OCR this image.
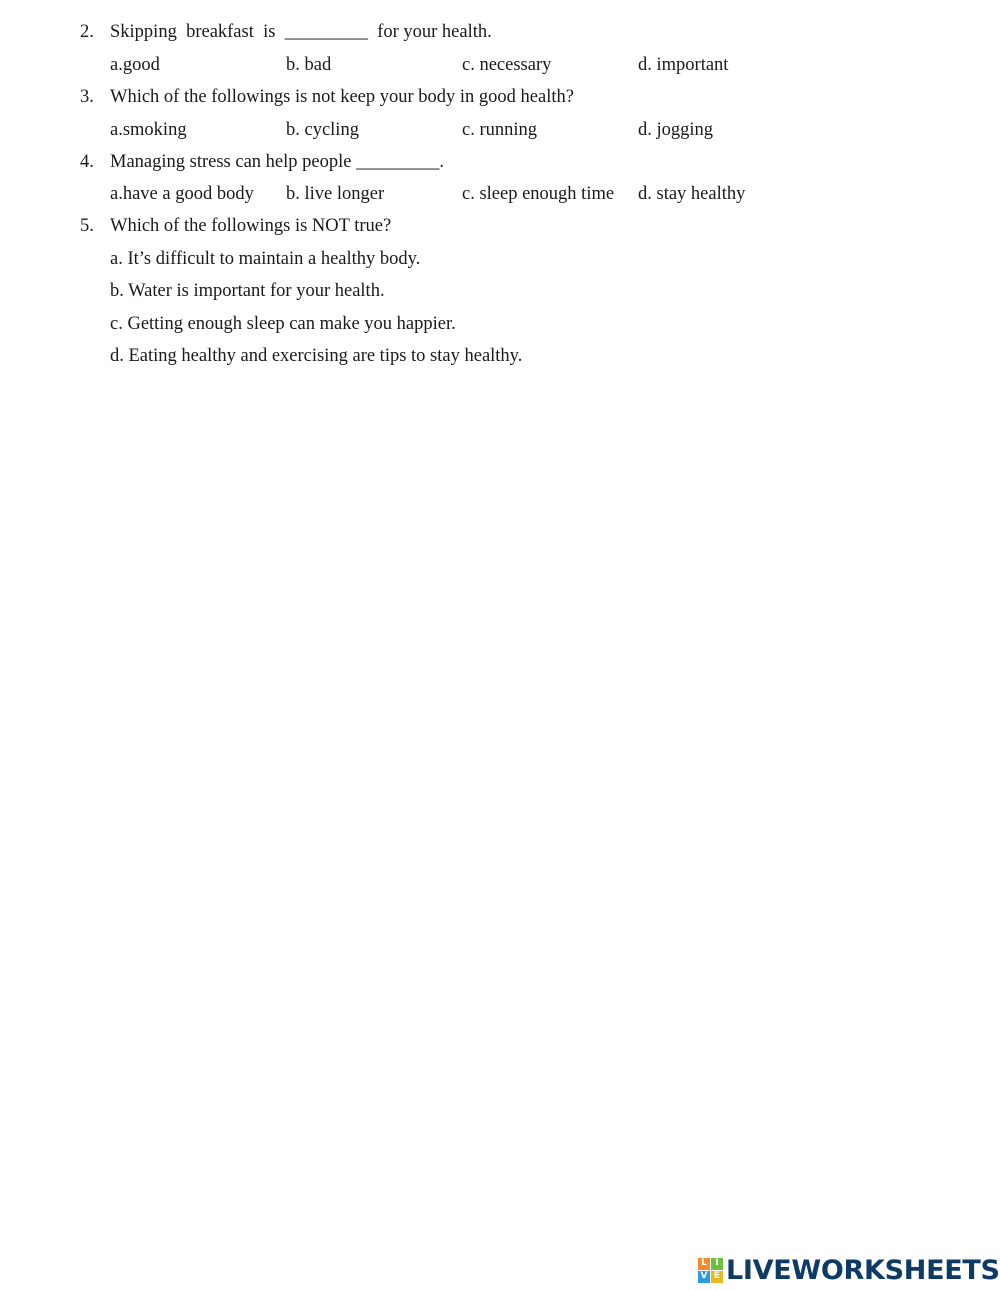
2. Skipping  breakfast  is  _________  for your health.
a.good	b. bad	c. necessary	d. important
3. Which of the followings is not keep your body in good health?
a.smoking	b. cycling	c. running	d. jogging
4. Managing stress can help people _________.
a.have a good body b. live longer	c. sleep enough time d. stay healthy
5. Which of the followings is NOT true?
a. It’s difficult to maintain a healthy body.
b. Water is important for your health.
c. Getting enough sleep can make you happier.
d. Eating healthy and exercising are tips to stay healthy.
L I
V E LIVEWORKSHEETS
